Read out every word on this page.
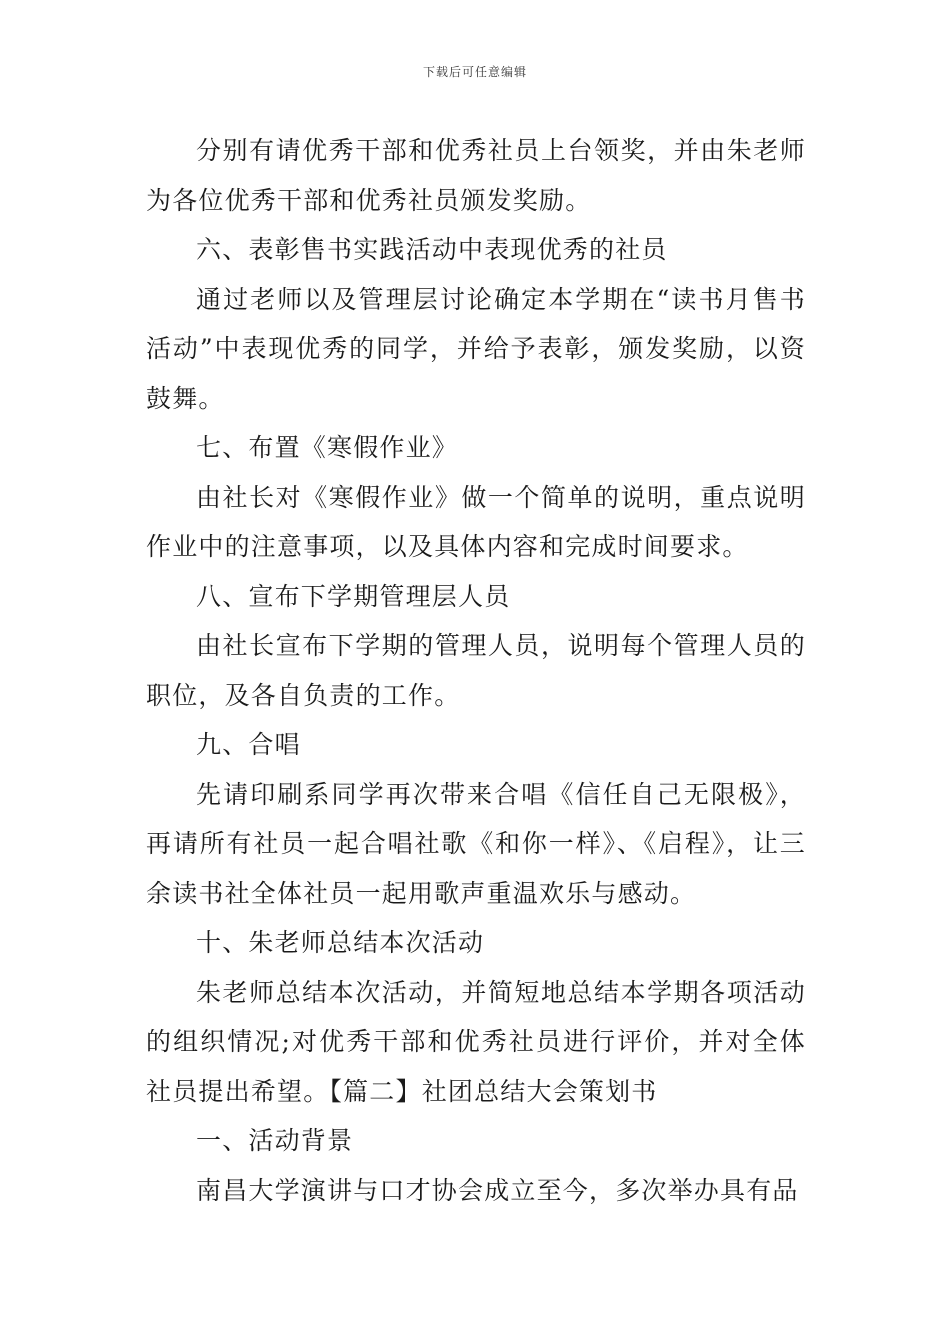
下载后可任意编辑

分别有请优秀干部和优秀社员上台领奖，并由朱老师为各位优秀干部和优秀社员颁发奖励。

六、表彰售书实践活动中表现优秀的社员

通过老师以及管理层讨论确定本学期在“读书月售书活动”中表现优秀的同学，并给予表彰，颁发奖励，以资鼓舞。

七、布置《寒假作业》

由社长对《寒假作业》做一个简单的说明，重点说明作业中的注意事项，以及具体内容和完成时间要求。

八、宣布下学期管理层人员

由社长宣布下学期的管理人员，说明每个管理人员的职位，及各自负责的工作。

九、合唱

先请印刷系同学再次带来合唱《信任自己无限极》，再请所有社员一起合唱社歌《和你一样》、《启程》，让三余读书社全体社员一起用歌声重温欢乐与感动。

十、朱老师总结本次活动

朱老师总结本次活动，并简短地总结本学期各项活动的组织情况;对优秀干部和优秀社员进行评价，并对全体社员提出希望。【篇二】社团总结大会策划书

一、活动背景

南昌大学演讲与口才协会成立至今，多次举办具有品
